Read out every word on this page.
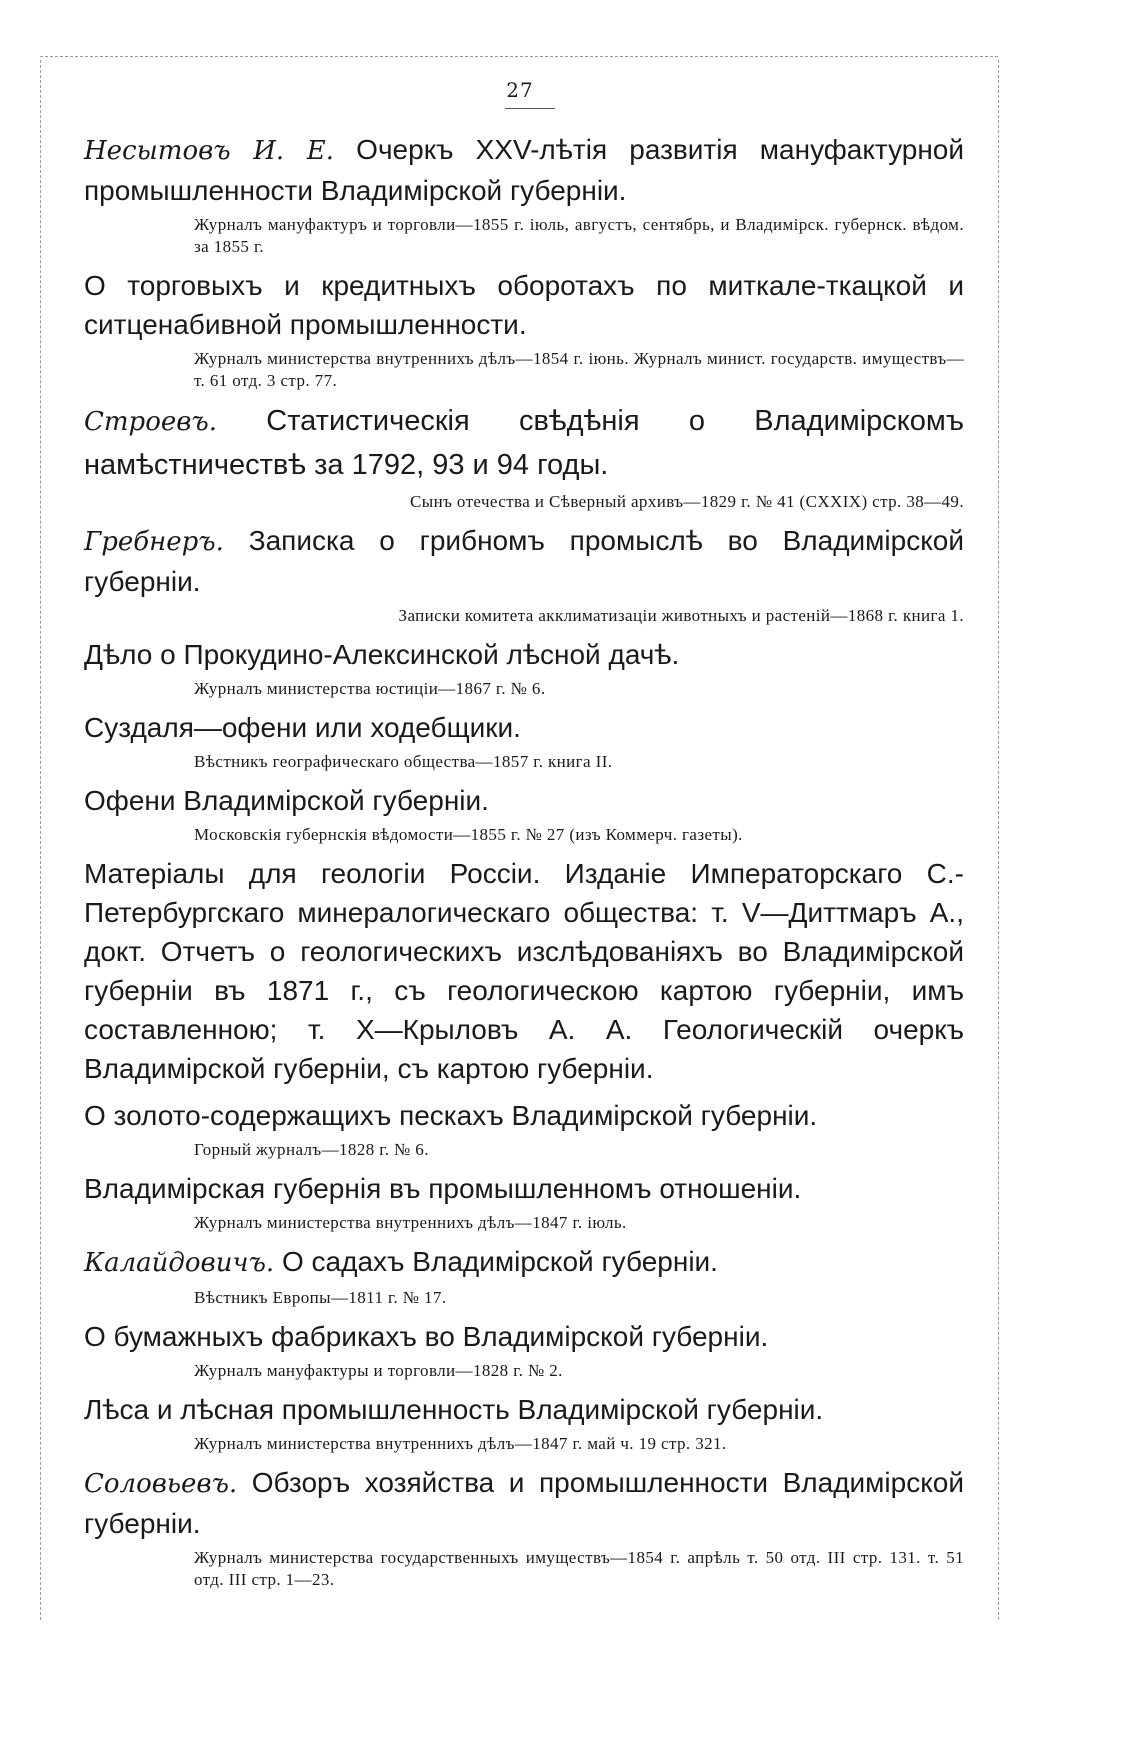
27
Несытовъ И. Е. Очеркъ XXV-лѣтія развитія мануфактурной промышленности Владимірской губерніи.
Журналъ мануфактуръ и торговли—1855 г. іюль, августъ, сентябрь, и Владимірск. губернск. вѣдом. за 1855 г.
О торговыхъ и кредитныхъ оборотахъ по миткале-ткацкой и ситценабивной промышленности.
Журналъ министерства внутреннихъ дѣлъ—1854 г. іюнь. Журналъ минист. государств. имуществъ—т. 61 отд. 3 стр. 77.
Строевъ. Статистическія свѣдѣнія о Владимірскомъ намѣстничествѣ за 1792, 93 и 94 годы.
Сынъ отечества и Сѣверный архивъ—1829 г. № 41 (CXXIX) стр. 38—49.
Гребнеръ. Записка о грибномъ промыслѣ во Владимірской губерніи.
Записки комитета акклиматизаціи животныхъ и растеній—1868 г. книга 1.
Дѣло о Прокудино-Алексинской лѣсной дачѣ.
Журналъ министерства юстиціи—1867 г. № 6.
Суздаля—офени или ходебщики.
Вѣстникъ географическаго общества—1857 г. книга II.
Офени Владимірской губерніи.
Московскія губернскія вѣдомости—1855 г. № 27 (изъ Коммерч. газеты).
Матеріалы для геологіи Россіи. Изданіе Императорскаго С.-Петербургскаго минералогическаго общества: т. V—Диттмаръ А., докт. Отчетъ о геологическихъ изслѣдованіяхъ во Владимірской губерніи въ 1871 г., съ геологическою картою губерніи, имъ составленною; т. X—Крыловъ А. А. Геологическій очеркъ Владимірской губерніи, съ картою губерніи.
О золото-содержащихъ пескахъ Владимірской губерніи.
Горный журналъ—1828 г. № 6.
Владимірская губернія въ промышленномъ отношеніи.
Журналъ министерства внутреннихъ дѣлъ—1847 г. іюль.
Калайдовичъ. О садахъ Владимірской губерніи.
Вѣстникъ Европы—1811 г. № 17.
О бумажныхъ фабрикахъ во Владимірской губерніи.
Журналъ мануфактуры и торговли—1828 г. № 2.
Лѣса и лѣсная промышленность Владимірской губерніи.
Журналъ министерства внутреннихъ дѣлъ—1847 г. май ч. 19 стр. 321.
Соловьевъ. Обзоръ хозяйства и промышленности Владимірской губерніи.
Журналъ министерства государственныхъ имуществъ—1854 г. апрѣль т. 50 отд. III стр. 131. т. 51 отд. III стр. 1—23.
